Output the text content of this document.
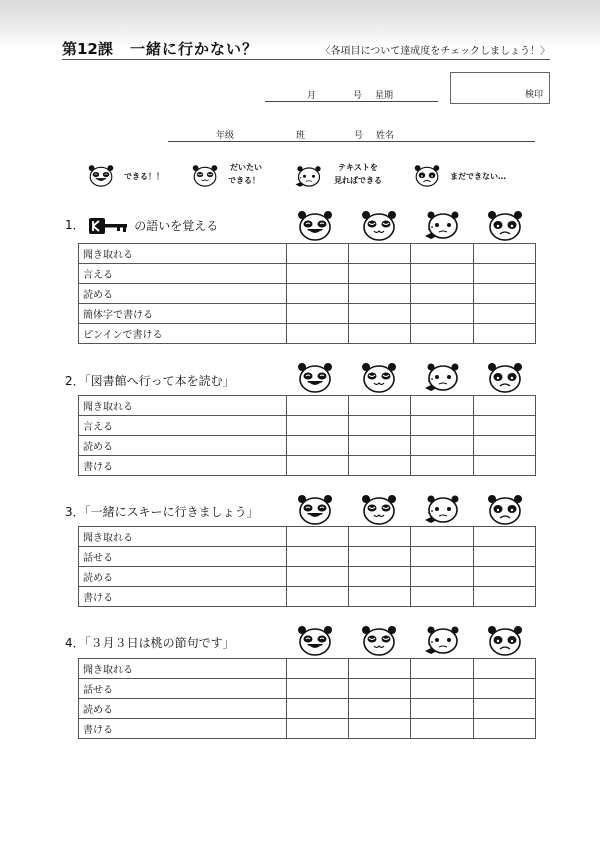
第12課 一緒に行かない？	〈各項目について達成度をチェックしましょう！〉
検印
月	号 星期
年级	班	号 姓名
できる！！
だいたい
できる！
テキストを
見ればできる	まだできない…
1．	の語いを覚える
聞き取れる				
言える				
読める				
簡体字で書ける				
ピンインで書ける				
2．「図書館へ行って本を読む」
聞き取れる				
言える				
読める				
書ける				
3．「一緒にスキーに行きましょう」
聞き取れる				
話せる				
読める				
書ける				
4．「３月３日は桃の節句です」
聞き取れる				
話せる				
読める				
書ける				
